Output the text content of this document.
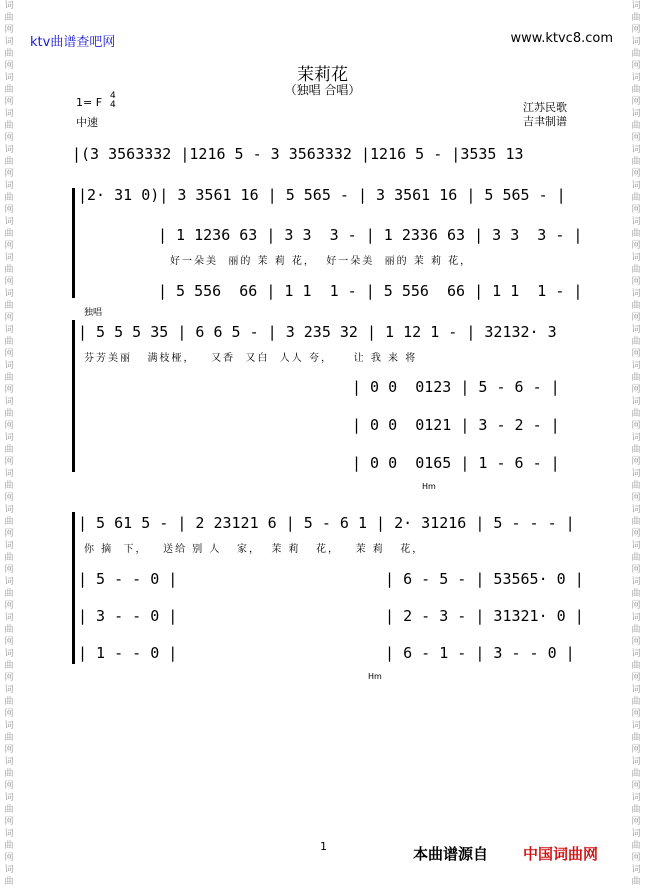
词
曲
网
词
曲
网
词
曲
网
词
曲
网
词
曲
网
词
曲
网
词
曲
网
词
曲
网
词
曲
网
词
曲
网
词
曲
网
词
曲
网
词
曲
网
词
曲
网
词
曲
网
词
曲
网
词
曲
网
词
曲
网
词
曲
网
词
曲
网
词
曲
网
词
曲
网
词
曲
网
词
曲
网
词
曲
词
曲
网
词
曲
网
词
曲
网
词
曲
网
词
曲
网
词
曲
网
词
曲
网
词
曲
网
词
曲
网
词
曲
网
词
曲
网
词
曲
网
词
曲
网
词
曲
网
词
曲
网
词
曲
网
词
曲
网
词
曲
网
词
曲
网
词
曲
网
词
曲
网
词
曲
网
词
曲
网
词
曲
网
词
曲
ktv曲谱查吧网	www.ktvc8.com
茉莉花
（独唱 合唱）
1= F 4
4
中速
江苏民歌
吉聿制谱
|(3 3563332 |1216 5 - 3 3563332 |1216 5 - |3535 13
|2· 31 0)| 3 3561 16 | 5 565 - | 3 3561 16 | 5 565 - |
| 1 1236 63 | 3 3  3 - | 1 2336 63 | 3 3  3 - |
好一朵美  丽的 茉 莉 花，  好一朵美  丽的 茉 莉 花，
| 5 556  66 | 1 1  1 - | 5 556  66 | 1 1  1 - |
独唱
| 5 5 5 35 | 6 6 5 - | 3 235 32 | 1 12 1 - | 32132· 3
芬芳美丽   满枝桠，   又香  又白  人人 夸，    让 我 来 将
| 0 0  0123 | 5 - 6 - |
| 0 0  0121 | 3 - 2 - |
| 0 0  0165 | 1 - 6 - |
Hm
| 5 61 5 - | 2 23121 6 | 5 - 6 1 | 2· 31216 | 5 - - - |
你 摘  下，   送给 别 人   家，  茉 莉   花，   茉 莉   花，
| 5 - - 0 |                       | 6 - 5 - | 53565· 0 |
| 3 - - 0 |                       | 2 - 3 - | 31321· 0 |
| 1 - - 0 |                       | 6 - 1 - | 3 - - 0 |
Hm
1	本曲谱源自 中国词曲网
